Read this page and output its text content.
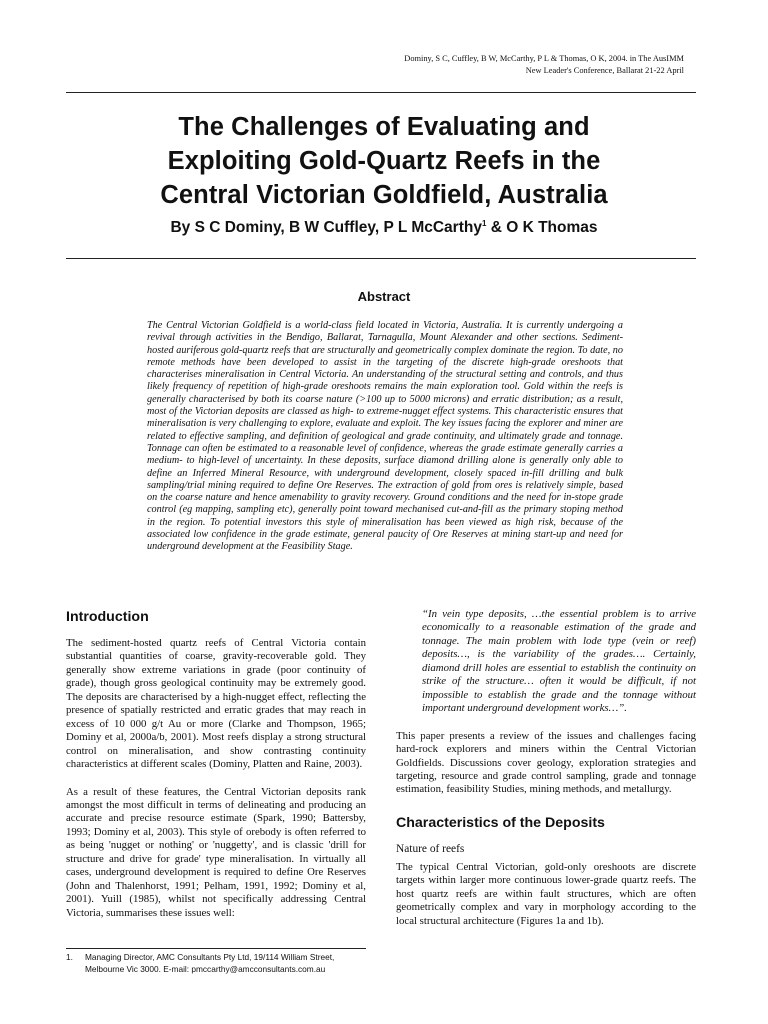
Dominy, S C, Cuffley, B W, McCarthy, P L & Thomas, O K, 2004. in The AusIMM
New Leader's Conference, Ballarat 21-22 April
The Challenges of Evaluating and
Exploiting Gold-Quartz Reefs in the
Central Victorian Goldfield, Australia
By S C Dominy, B W Cuffley, P L McCarthy$^1$ & O K Thomas
Abstract

The Central Victorian Goldfield is a world-class field located in Victoria, Australia. It is currently undergoing a revival through activities in the Bendigo, Ballarat, Tarnagulla, Mount Alexander and other sections. Sediment-hosted auriferous gold-quartz reefs that are structurally and geometrically complex dominate the region. To date, no remote methods have been developed to assist in the targeting of the discrete high-grade oreshoots that characterises mineralisation in Central Victoria. An understanding of the structural setting and controls, and thus likely frequency of repetition of high-grade oreshoots remains the main exploration tool. Gold within the reefs is generally characterised by both its coarse nature (>100 up to 5000 microns) and erratic distribution; as a result, most of the Victorian deposits are classed as high- to extreme-nugget effect systems. This characteristic ensures that mineralisation is very challenging to explore, evaluate and exploit. The key issues facing the explorer and miner are related to effective sampling, and definition of geological and grade continuity, and ultimately grade and tonnage. Tonnage can often be estimated to a reasonable level of confidence, whereas the grade estimate generally carries a medium- to high-level of uncertainty. In these deposits, surface diamond drilling alone is generally only able to define an Inferred Mineral Resource, with underground development, closely spaced in-fill drilling and bulk sampling/trial mining required to define Ore Reserves. The extraction of gold from ores is relatively simple, based on the coarse nature and hence amenability to gravity recovery. Ground conditions and the need for in-stope grade control (eg mapping, sampling etc), generally point toward mechanised cut-and-fill as the primary stoping method in the region. To potential investors this style of mineralisation has been viewed as high risk, because of the associated low confidence in the grade estimate, general paucity of Ore Reserves at mining start-up and need for underground development at the Feasibility Stage.

Introduction

The sediment-hosted quartz reefs of Central Victoria contain substantial quantities of coarse, gravity-recoverable gold. They generally show extreme variations in grade (poor continuity of grade), though gross geological continuity may be extremely good. The deposits are characterised by a high-nugget effect, reflecting the presence of spatially restricted and erratic grades that may reach in excess of 10 000 g/t Au or more (Clarke and Thompson, 1965; Dominy et al, 2000a/b, 2001). Most reefs display a strong structural control on mineralisation, and show contrasting continuity characteristics at different scales (Dominy, Platten and Raine, 2003).

As a result of these features, the Central Victorian deposits rank amongst the most difficult in terms of delineating and producing an accurate and precise resource estimate (Spark, 1990; Battersby, 1993; Dominy et al, 2003). This style of orebody is often referred to as being 'nugget or nothing' or 'nuggetty', and is classic 'drill for structure and drive for grade' type mineralisation. In virtually all cases, underground development is required to define Ore Reserves (John and Thalenhorst, 1991; Pelham, 1991, 1992; Dominy et al, 2001). Yuill (1985), whilst not specifically addressing Central Victoria, summarises these issues well:

“In vein type deposits, …the essential problem is to arrive economically to a reasonable estimation of the grade and tonnage. The main problem with lode type (vein or reef) deposits…, is the variability of the grades…. Certainly, diamond drill holes are essential to establish the continuity on strike of the structure… often it would be difficult, if not impossible to establish the grade and the tonnage without important underground development works…”.

This paper presents a review of the issues and challenges facing hard-rock explorers and miners within the Central Victorian Goldfields. Discussions cover geology, exploration strategies and targeting, resource and grade control sampling, grade and tonnage estimation, feasibility Studies, mining methods, and metallurgy.

Characteristics of the Deposits
Nature of reefs

The typical Central Victorian, gold-only oreshoots are discrete targets within larger more continuous lower-grade quartz reefs. The host quartz reefs are within fault structures, which are often geometrically complex and vary in morphology according to the local structural architecture (Figures 1a and 1b).

1. Managing Director, AMC Consultants Pty Ltd, 19/114 William Street,
Melbourne Vic 3000. E-mail: pmccarthy@amcconsultants.com.au
